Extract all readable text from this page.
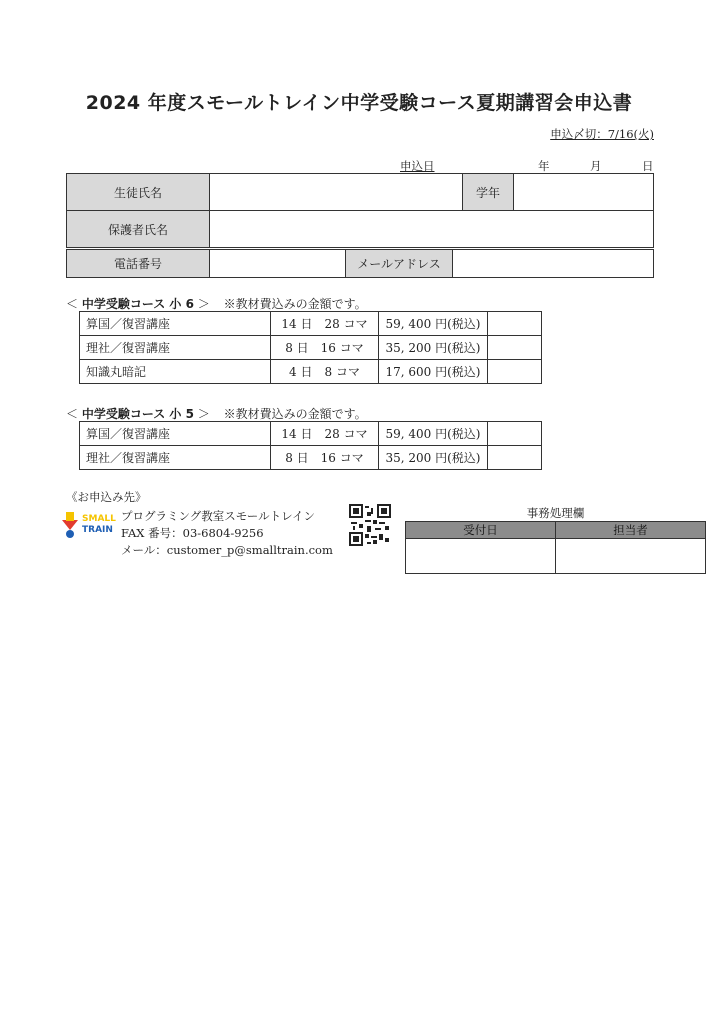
2024 年度スモールトレイン中学受験コース夏期講習会申込書
申込〆切：7/16(火)
申込日	年	月	日
生徒氏名		学年	
保護者氏名			
電話番号		メールアドレス	
＜ 中学受験コース 小 6 ＞ ※教材費込みの金額です。
算国／復習講座	14 日　28 コマ	59, 400 円(税込)	
理社／復習講座	8 日　16 コマ	35, 200 円(税込)	
知識丸暗記	4 日　8 コマ	17, 600 円(税込)	
＜ 中学受験コース 小 5 ＞ ※教材費込みの金額です。
算国／復習講座	14 日　28 コマ	59, 400 円(税込)	
理社／復習講座	8 日　16 コマ	35, 200 円(税込)	
《お申込み先》
SMALL
TRAIN
プログラミング教室スモールトレイン
FAX 番号：03-6804-9256
メール：customer_p@smalltrain.com
事務処理欄
受付日	担当者
